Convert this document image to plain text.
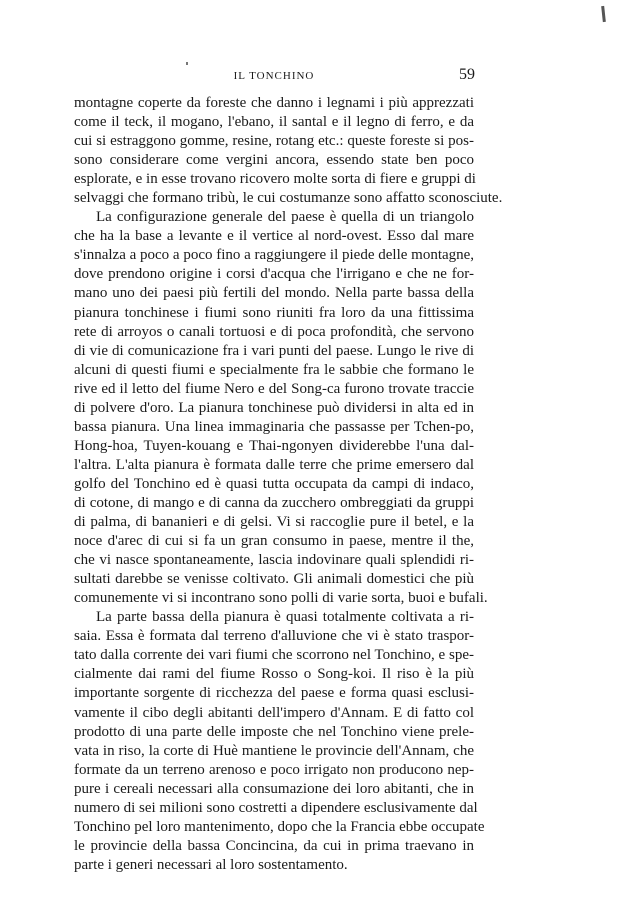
IL TONCHINO	59
montagne coperte da foreste che danno i legnami i più apprezzati
come il teck, il mogano, l'ebano, il santal e il legno di ferro, e da
cui si estraggono gomme, resine, rotang etc.: queste foreste si pos-
sono considerare come vergini ancora, essendo state ben poco
esplorate, e in esse trovano ricovero molte sorta di fiere e gruppi di
selvaggi che formano tribù, le cui costumanze sono affatto sconosciute.
La configurazione generale del paese è quella di un triangolo
che ha la base a levante e il vertice al nord-ovest. Esso dal mare
s'innalza a poco a poco fino a raggiungere il piede delle montagne,
dove prendono origine i corsi d'acqua che l'irrigano e che ne for-
mano uno dei paesi più fertili del mondo. Nella parte bassa della
pianura tonchinese i fiumi sono riuniti fra loro da una fittissima
rete di arroyos o canali tortuosi e di poca profondità, che servono
di vie di comunicazione fra i vari punti del paese. Lungo le rive di
alcuni di questi fiumi e specialmente fra le sabbie che formano le
rive ed il letto del fiume Nero e del Song-ca furono trovate traccie
di polvere d'oro. La pianura tonchinese può dividersi in alta ed in
bassa pianura. Una linea immaginaria che passasse per Tchen-po,
Hong-hoa, Tuyen-kouang e Thai-ngonyen dividerebbe l'una dal-
l'altra. L'alta pianura è formata dalle terre che prime emersero dal
golfo del Tonchino ed è quasi tutta occupata da campi di indaco,
di cotone, di mango e di canna da zucchero ombreggiati da gruppi
di palma, di bananieri e di gelsi. Vi si raccoglie pure il betel, e la
noce d'arec di cui si fa un gran consumo in paese, mentre il the,
che vi nasce spontaneamente, lascia indovinare quali splendidi ri-
sultati darebbe se venisse coltivato. Gli animali domestici che più
comunemente vi si incontrano sono polli di varie sorta, buoi e bufali.
La parte bassa della pianura è quasi totalmente coltivata a ri-
saia. Essa è formata dal terreno d'alluvione che vi è stato traspor-
tato dalla corrente dei vari fiumi che scorrono nel Tonchino, e spe-
cialmente dai rami del fiume Rosso o Song-koi. Il riso è la più
importante sorgente di ricchezza del paese e forma quasi esclusi-
vamente il cibo degli abitanti dell'impero d'Annam. E di fatto col
prodotto di una parte delle imposte che nel Tonchino viene prele-
vata in riso, la corte di Huè mantiene le provincie dell'Annam, che
formate da un terreno arenoso e poco irrigato non producono nep-
pure i cereali necessari alla consumazione dei loro abitanti, che in
numero di sei milioni sono costretti a dipendere esclusivamente dal
Tonchino pel loro mantenimento, dopo che la Francia ebbe occupate
le provincie della bassa Concincina, da cui in prima traevano in
parte i generi necessari al loro sostentamento.
